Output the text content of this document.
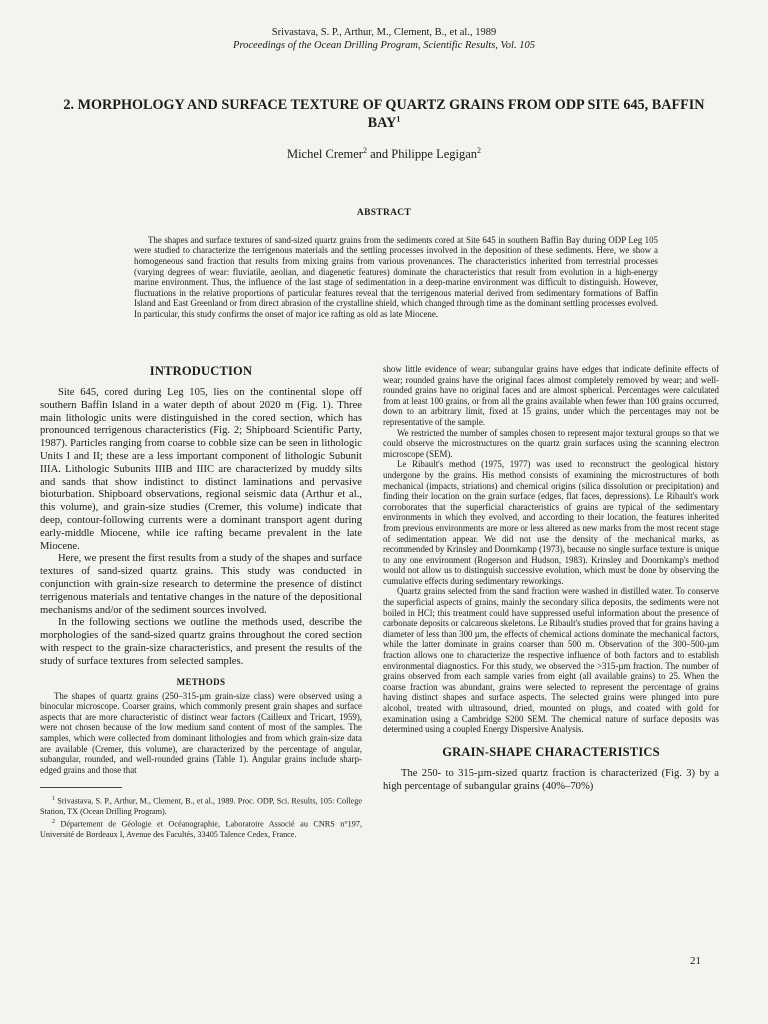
Srivastava, S. P., Arthur, M., Clement, B., et al., 1989
Proceedings of the Ocean Drilling Program, Scientific Results, Vol. 105
2. MORPHOLOGY AND SURFACE TEXTURE OF QUARTZ GRAINS FROM ODP SITE 645, BAFFIN BAY$^1$
Michel Cremer$^2$ and Philippe Legigan$^2$
ABSTRACT

The shapes and surface textures of sand-sized quartz grains from the sediments cored at Site 645 in southern Baffin Bay during ODP Leg 105 were studied to characterize the terrigenous materials and the settling processes involved in the deposition of these sediments. Here, we show a homogeneous sand fraction that results from mixing grains from various provenances. The characteristics inherited from terrestrial processes (varying degrees of wear: fluviatile, aeolian, and diagenetic features) dominate the characteristics that result from evolution in a high-energy marine environment. Thus, the influence of the last stage of sedimentation in a deep-marine environment was difficult to distinguish. However, fluctuations in the relative proportions of particular features reveal that the terrigenous material derived from sedimentary formations of Baffin Island and East Greenland or from direct abrasion of the crystalline shield, which changed through time as the dominant settling processes evolved. In particular, this study confirms the onset of major ice rafting as old as late Miocene.

INTRODUCTION

Site 645, cored during Leg 105, lies on the continental slope off southern Baffin Island in a water depth of about 2020 m (Fig. 1). Three main lithologic units were distinguished in the cored section, which has pronounced terrigenous characteristics (Fig. 2; Shipboard Scientific Party, 1987). Particles ranging from coarse to cobble size can be seen in lithologic Units I and II; these are a less important component of lithologic Subunit IIIA. Lithologic Subunits IIIB and IIIC are characterized by muddy silts and sands that show indistinct to distinct laminations and pervasive bioturbation. Shipboard observations, regional seismic data (Arthur et al., this volume), and grain-size studies (Cremer, this volume) indicate that deep, contour-following currents were a dominant transport agent during early-middle Miocene, while ice rafting became prevalent in the late Miocene.

Here, we present the first results from a study of the shapes and surface textures of sand-sized quartz grains. This study was conducted in conjunction with grain-size research to determine the presence of distinct terrigenous materials and tentative changes in the nature of the depositional mechanisms and/or of the sediment sources involved.

In the following sections we outline the methods used, describe the morphologies of the sand-sized quartz grains throughout the cored section with respect to the grain-size characteristics, and present the results of the study of surface textures from selected samples.

METHODS

The shapes of quartz grains (250–315-µm grain-size class) were observed using a binocular microscope. Coarser grains, which commonly present grain shapes and surface aspects that are more characteristic of distinct wear factors (Cailleux and Tricart, 1959), were not chosen because of the low medium sand content of most of the samples. The samples, which were collected from dominant lithologies and from which grain-size data are available (Cremer, this volume), are characterized by the percentage of angular, subangular, rounded, and well-rounded grains (Table 1). Angular grains include sharp-edged grains and those that

$^1$ Srivastava, S. P., Arthur, M., Clement, B., et al., 1989. Proc. ODP, Sci. Results, 105: College Station, TX (Ocean Drilling Program).

$^2$ Département de Géologie et Océanographie, Laboratoire Associé au CNRS n°197, Université de Bordeaux I, Avenue des Facultés, 33405 Talence Cedex, France.

show little evidence of wear; subangular grains have edges that indicate definite effects of wear; rounded grains have the original faces almost completely removed by wear; and well-rounded grains have no original faces and are almost spherical. Percentages were calculated from at least 100 grains, or from all the grains available when fewer than 100 grains occurred, down to an arbitrary limit, fixed at 15 grains, under which the percentages may not be representative of the sample.

We restricted the number of samples chosen to represent major textural groups so that we could observe the microstructures on the quartz grain surfaces using the scanning electron microscope (SEM).

Le Ribault's method (1975, 1977) was used to reconstruct the geological history undergone by the grains. His method consists of examining the microstructures of both mechanical (impacts, striations) and chemical origins (silica dissolution or precipitation) and finding their location on the grain surface (edges, flat faces, depressions). Le Ribault's work corroborates that the superficial characteristics of grains are typical of the sedimentary environments in which they evolved, and according to their location, the features inherited from previous environments are more or less altered as new marks from the most recent stage of sedimentation appear. We did not use the density of the mechanical marks, as recommended by Krinsley and Doornkamp (1973), because no single surface texture is unique to any one environment (Rogerson and Hudson, 1983). Krinsley and Doornkamp's method would not allow us to distinguish successive evolution, which must be done by observing the cumulative effects during sedimentary reworkings.

Quartz grains selected from the sand fraction were washed in distilled water. To conserve the superficial aspects of grains, mainly the secondary silica deposits, the sediments were not boiled in HCl; this treatment could have suppressed useful information about the presence of carbonate deposits or calcareous skeletons. Le Ribault's studies proved that for grains having a diameter of less than 300 µm, the effects of chemical actions dominate the mechanical factors, while the latter dominate in grains coarser than 500 m. Observation of the 300–500-µm fraction allows one to characterize the respective influence of both factors and to establish environmental diagnostics. For this study, we observed the >315-µm fraction. The number of grains observed from each sample varies from eight (all available grains) to 25. When the coarse fraction was abundant, grains were selected to represent the percentage of grains having distinct shapes and surface aspects. The selected grains were plunged into pure alcohol, treated with ultrasound, dried, mounted on plugs, and coated with gold for examination using a Cambridge S200 SEM. The chemical nature of surface deposits was determined using a coupled Energy Dispersive Analysis.

GRAIN-SHAPE CHARACTERISTICS

The 250- to 315-µm-sized quartz fraction is characterized (Fig. 3) by a high percentage of subangular grains (40%–70%)

21
